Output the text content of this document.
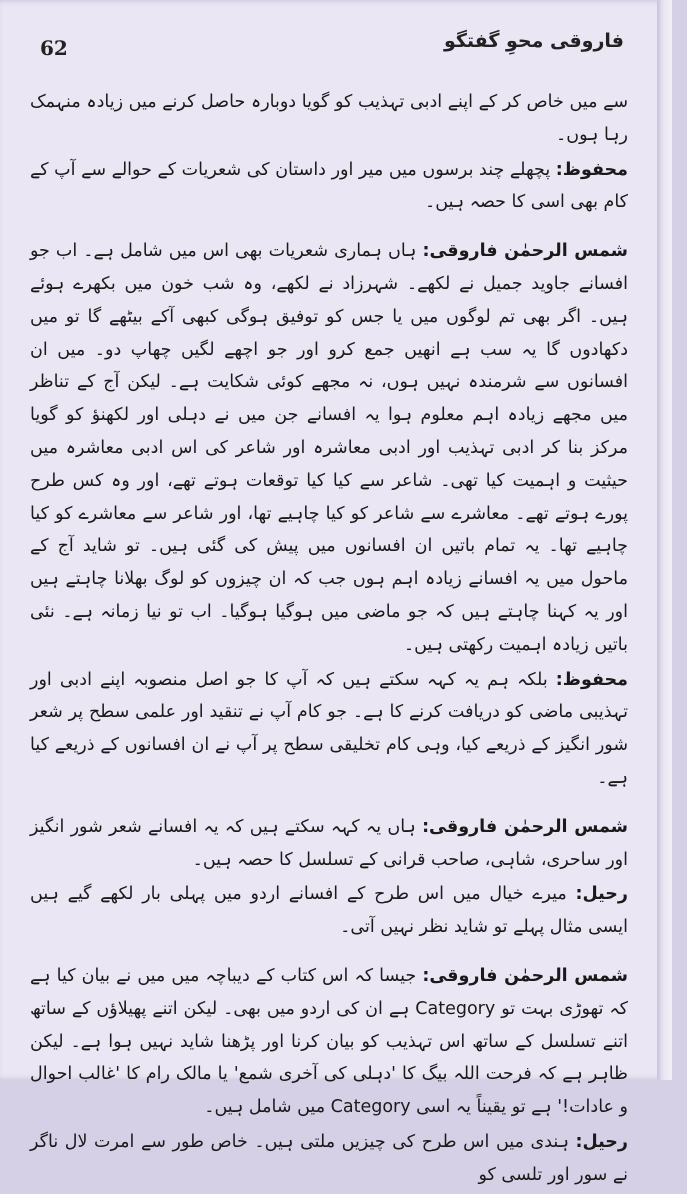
62	فاروقی محوِ گفتگو

سے میں خاص کر کے اپنے ادبی تہذیب کو گویا دوبارہ حاصل کرنے میں زیادہ منہمک رہا ہوں۔

محفوظ: پچھلے چند برسوں میں میر اور داستان کی شعریات کے حوالے سے آپ کے کام بھی اسی کا حصہ ہیں۔

شمس الرحمٰن فاروقی: ہاں ہماری شعریات بھی اس میں شامل ہے۔ اب جو افسانے جاوید جمیل نے لکھے۔ شہرزاد نے لکھے، وہ شب خون میں بکھرے ہوئے ہیں۔ اگر بھی تم لوگوں میں یا جس کو توفیق ہوگی کبھی آکے بیٹھے گا تو میں دکھادوں گا یہ سب ہے انھیں جمع کرو اور جو اچھے لگیں چھاپ دو۔ میں ان افسانوں سے شرمندہ نہیں ہوں، نہ مجھے کوئی شکایت ہے۔ لیکن آج کے تناظر میں مجھے زیادہ اہم معلوم ہوا یہ افسانے جن میں نے دہلی اور لکھنؤ کو گویا مرکز بنا کر ادبی تہذیب اور ادبی معاشرہ اور شاعر کی اس ادبی معاشرہ میں حیثیت و اہمیت کیا تھی۔ شاعر سے کیا کیا توقعات ہوتے تھے، اور وہ کس طرح پورے ہوتے تھے۔ معاشرے سے شاعر کو کیا چاہیے تھا، اور شاعر سے معاشرے کو کیا چاہیے تھا۔ یہ تمام باتیں ان افسانوں میں پیش کی گئی ہیں۔ تو شاید آج کے ماحول میں یہ افسانے زیادہ اہم ہوں جب کہ ان چیزوں کو لوگ بھلانا چاہتے ہیں اور یہ کہنا چاہتے ہیں کہ جو ماضی میں ہوگیا ہوگیا۔ اب تو نیا زمانہ ہے۔ نئی باتیں زیادہ اہمیت رکھتی ہیں۔

محفوظ: بلکہ ہم یہ کہہ سکتے ہیں کہ آپ کا جو اصل منصوبہ اپنے ادبی اور تہذیبی ماضی کو دریافت کرنے کا ہے۔ جو کام آپ نے تنقید اور علمی سطح پر شعر شور انگیز کے ذریعے کیا، وہی کام تخلیقی سطح پر آپ نے ان افسانوں کے ذریعے کیا ہے۔

شمس الرحمٰن فاروقی: ہاں یہ کہہ سکتے ہیں کہ یہ افسانے شعر شور انگیز اور ساحری، شاہی، صاحب قرانی کے تسلسل کا حصہ ہیں۔

رحیل: میرے خیال میں اس طرح کے افسانے اردو میں پہلی بار لکھے گیے ہیں ایسی مثال پہلے تو شاید نظر نہیں آتی۔

شمس الرحمٰن فاروقی: جیسا کہ اس کتاب کے دیباچہ میں میں نے بیان کیا ہے کہ تھوڑی بہت تو Category ہے ان کی اردو میں بھی۔ لیکن اتنے پھیلاؤں کے ساتھ اتنے تسلسل کے ساتھ اس تہذیب کو بیان کرنا اور پڑھنا شاید نہیں ہوا ہے۔ لیکن ظاہر ہے کہ فرحت اللہ بیگ کا 'دہلی کی آخری شمع' یا مالک رام کا 'غالب احوال و عادات!' ہے تو یقیناً یہ اسی Category میں شامل ہیں۔

رحیل: ہندی میں اس طرح کی چیزیں ملتی ہیں۔ خاص طور سے امرت لال ناگر نے سور اور تلسی کو
